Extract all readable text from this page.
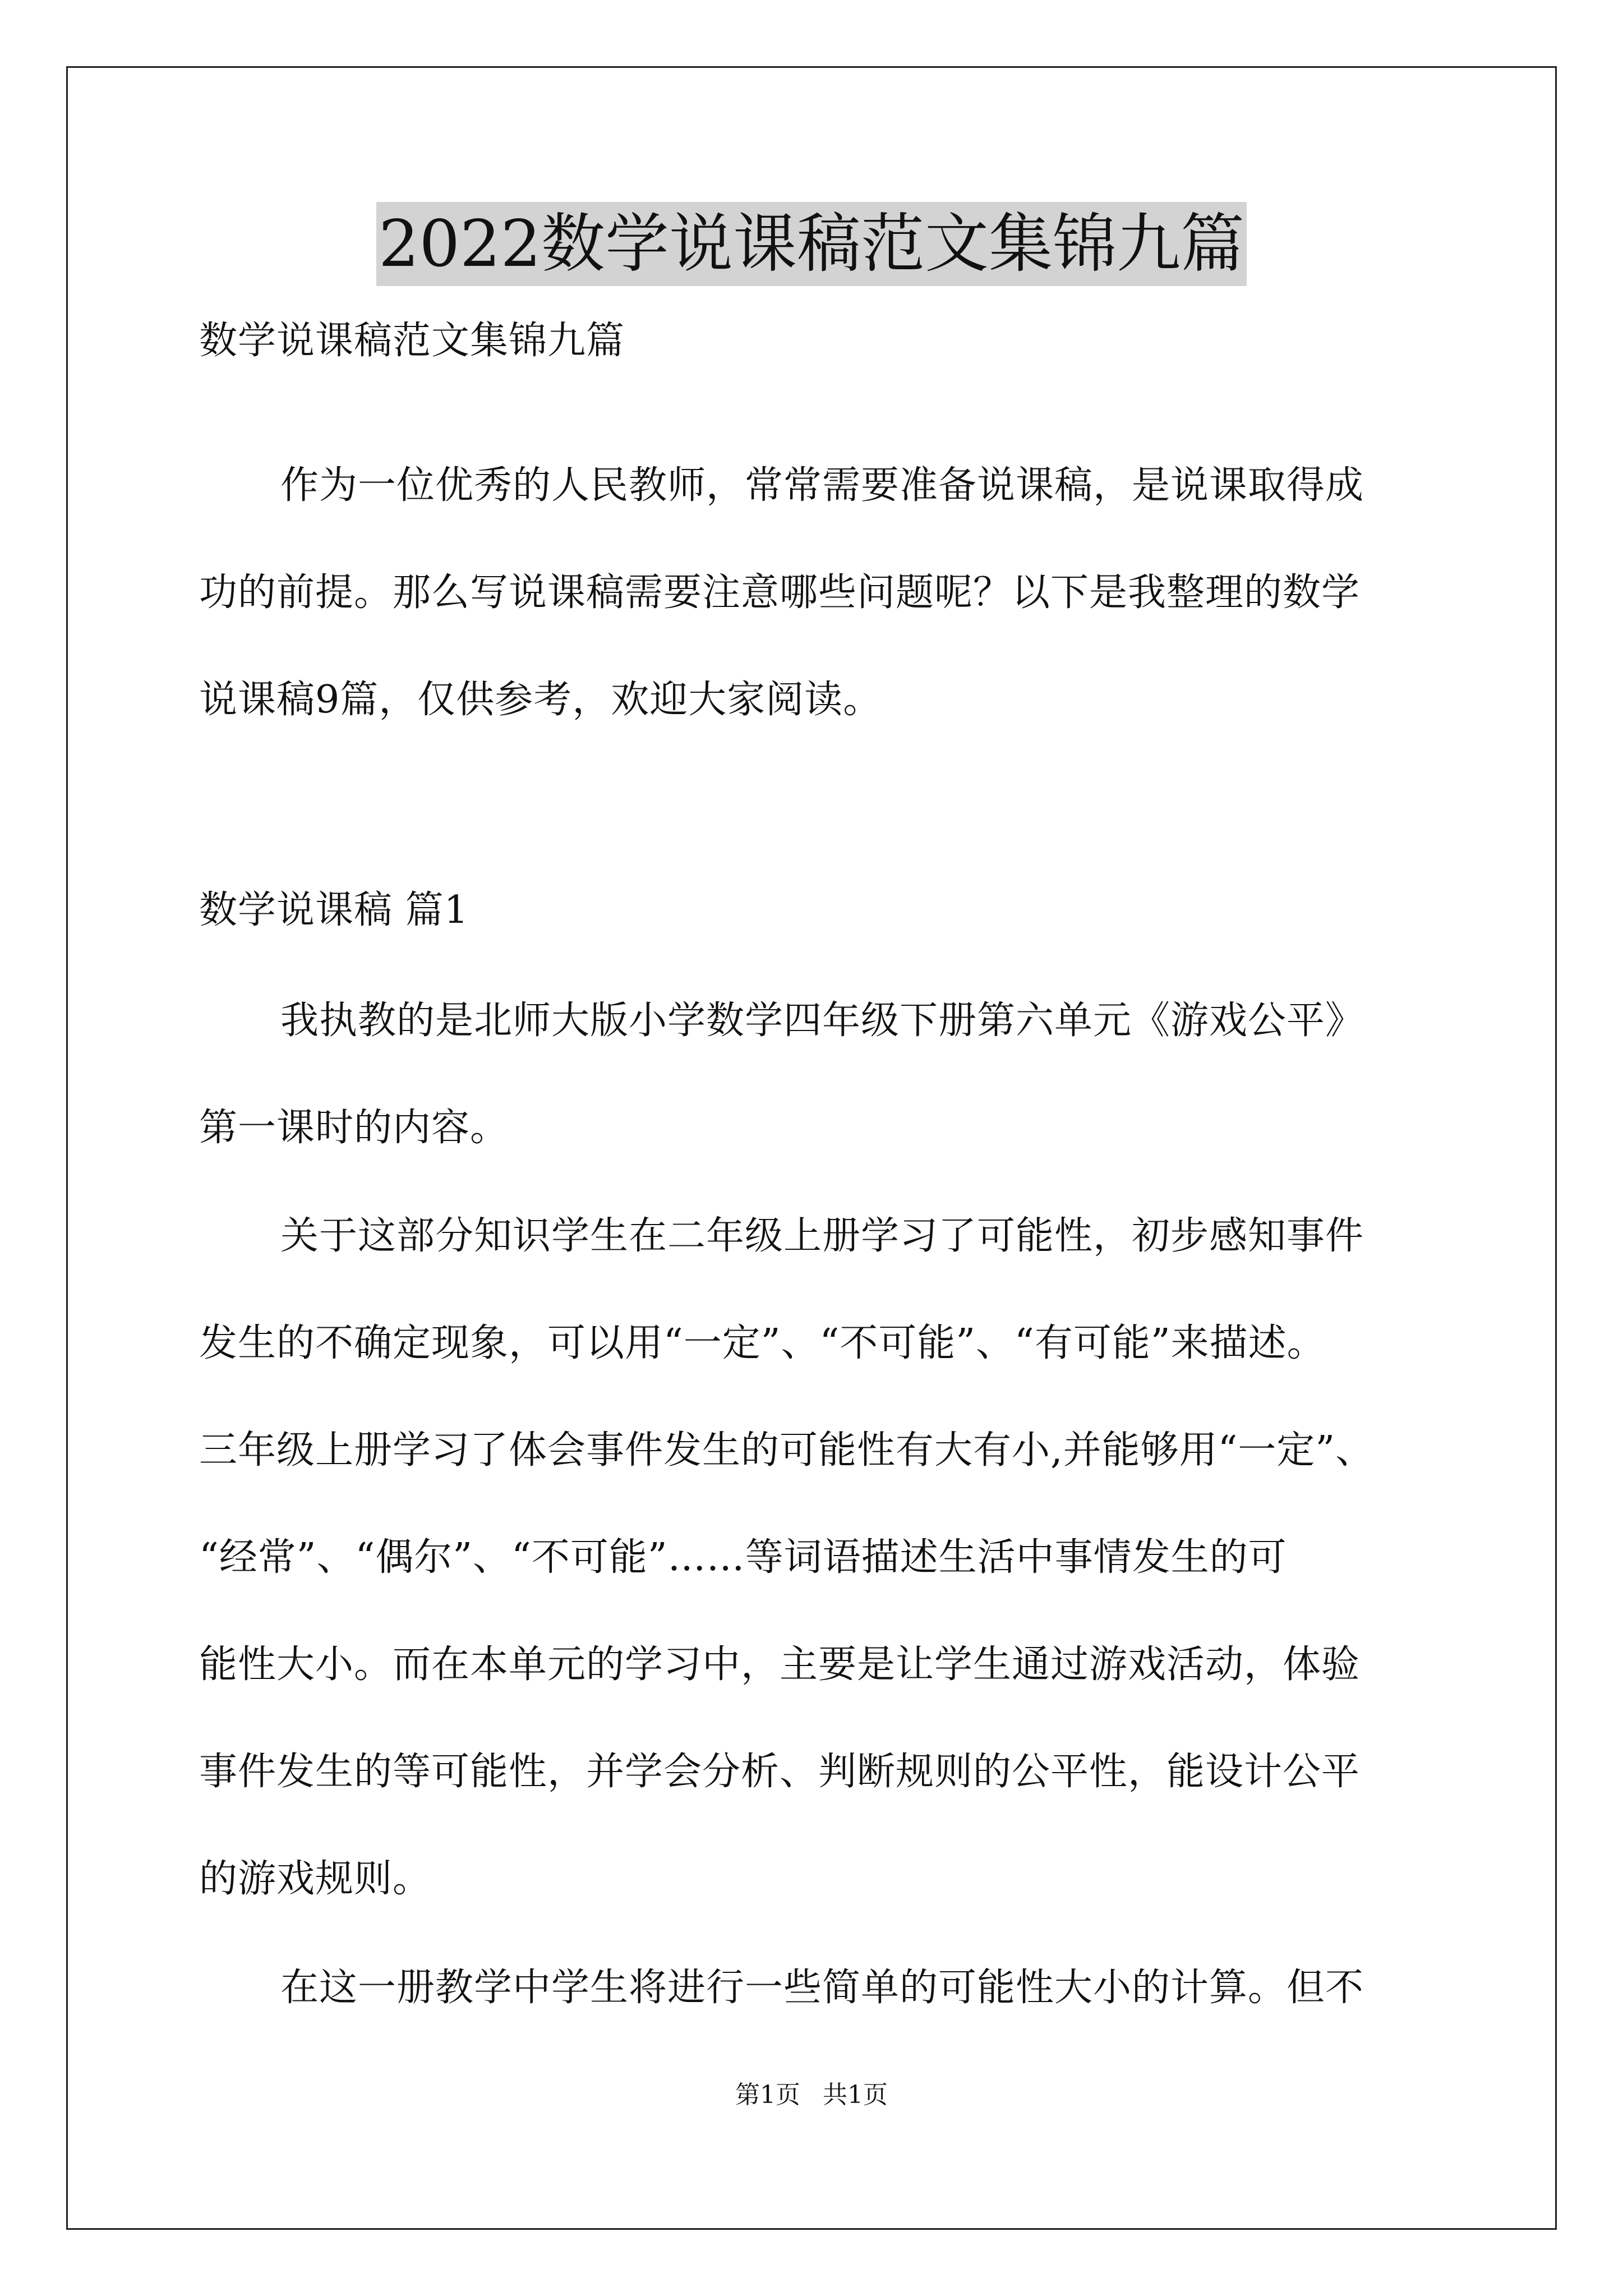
2022数学说课稿范文集锦九篇
数学说课稿范文集锦九篇
作为一位优秀的人民教师，常常需要准备说课稿，是说课取得成
功的前提。那么写说课稿需要注意哪些问题呢？以下是我整理的数学
说课稿9篇，仅供参考，欢迎大家阅读。
数学说课稿 篇1
我执教的是北师大版小学数学四年级下册第六单元《游戏公平》
第一课时的内容。
关于这部分知识学生在二年级上册学习了可能性，初步感知事件
发生的不确定现象，可以用“一定”、“不可能”、“有可能”来描述。
三年级上册学习了体会事件发生的可能性有大有小,并能够用“一定”、
“经常”、“偶尔”、“不可能”……等词语描述生活中事情发生的可
能性大小。而在本单元的学习中，主要是让学生通过游戏活动，体验
事件发生的等可能性，并学会分析、判断规则的公平性，能设计公平
的游戏规则。
在这一册教学中学生将进行一些简单的可能性大小的计算。但不
第1页 共1页
